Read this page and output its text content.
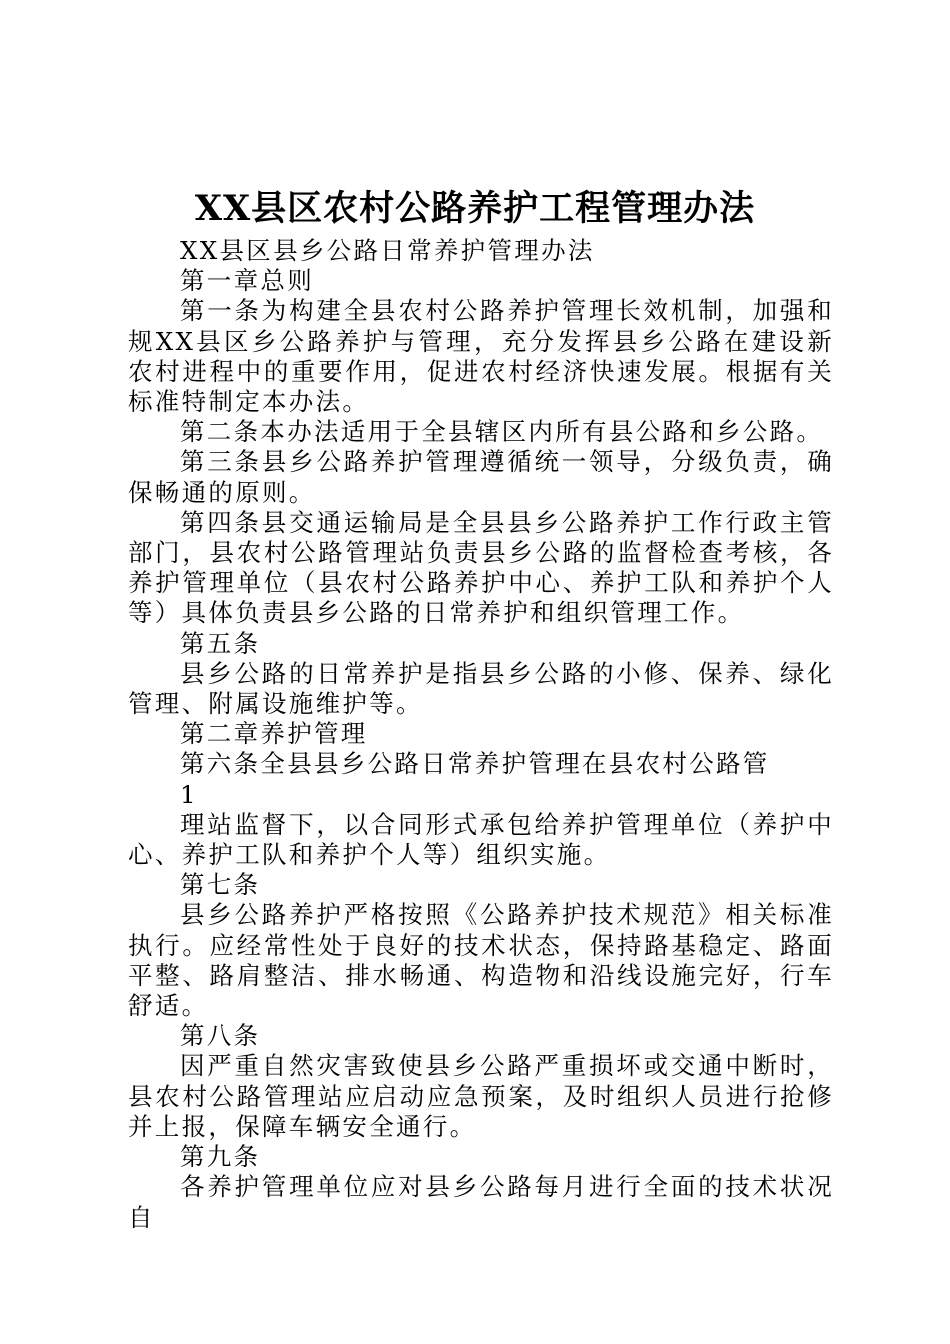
XX县区农村公路养护工程管理办法

XX县区县乡公路日常养护管理办法

第一章总则

第一条为构建全县农村公路养护管理长效机制，加强和规XX县区乡公路养护与管理，充分发挥县乡公路在建设新农村进程中的重要作用，促进农村经济快速发展。根据有关标准特制定本办法。

第二条本办法适用于全县辖区内所有县公路和乡公路。

第三条县乡公路养护管理遵循统一领导，分级负责，确保畅通的原则。

第四条县交通运输局是全县县乡公路养护工作行政主管部门，县农村公路管理站负责县乡公路的监督检查考核，各养护管理单位（县农村公路养护中心、养护工队和养护个人等）具体负责县乡公路的日常养护和组织管理工作。

第五条

县乡公路的日常养护是指县乡公路的小修、保养、绿化管理、附属设施维护等。

第二章养护管理

第六条全县县乡公路日常养护管理在县农村公路管

1

理站监督下，以合同形式承包给养护管理单位（养护中心、养护工队和养护个人等）组织实施。

第七条

县乡公路养护严格按照《公路养护技术规范》相关标准执行。应经常性处于良好的技术状态，保持路基稳定、路面平整、路肩整洁、排水畅通、构造物和沿线设施完好，行车舒适。

第八条

因严重自然灾害致使县乡公路严重损坏或交通中断时，县农村公路管理站应启动应急预案，及时组织人员进行抢修并上报，保障车辆安全通行。

第九条

各养护管理单位应对县乡公路每月进行全面的技术状况自
